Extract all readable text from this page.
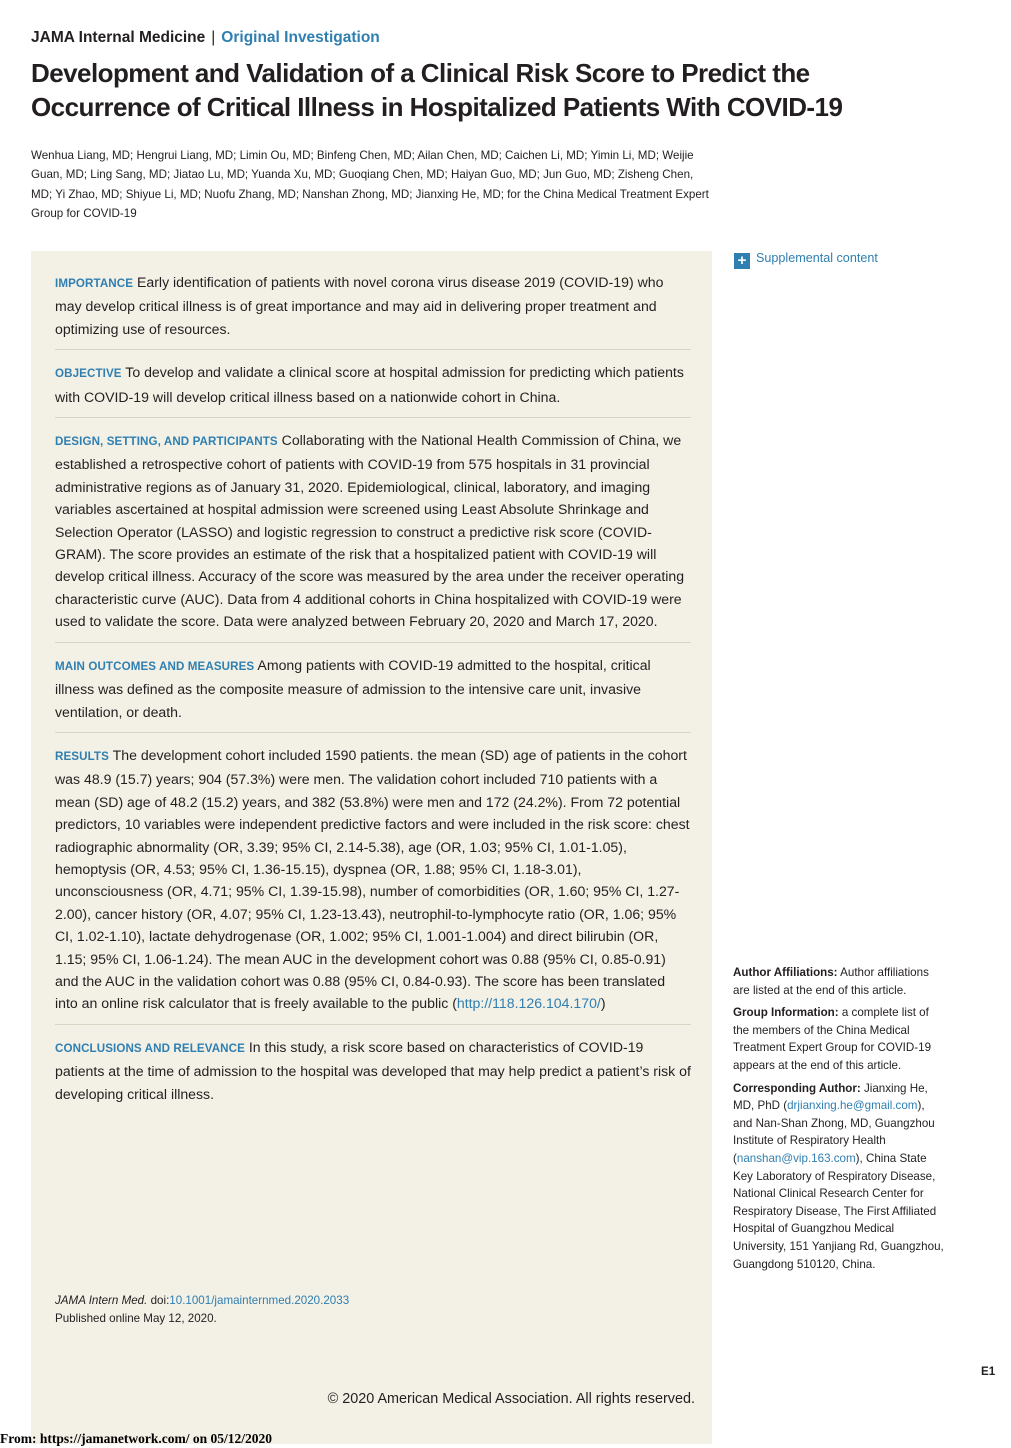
JAMA Internal Medicine | Original Investigation
Development and Validation of a Clinical Risk Score to Predict the Occurrence of Critical Illness in Hospitalized Patients With COVID-19

Wenhua Liang, MD; Hengrui Liang, MD; Limin Ou, MD; Binfeng Chen, MD; Ailan Chen, MD; Caichen Li, MD; Yimin Li, MD; Weijie Guan, MD; Ling Sang, MD; Jiatao Lu, MD; Yuanda Xu, MD; Guoqiang Chen, MD; Haiyan Guo, MD; Jun Guo, MD; Zisheng Chen, MD; Yi Zhao, MD; Shiyue Li, MD; Nuofu Zhang, MD; Nanshan Zhong, MD; Jianxing He, MD; for the China Medical Treatment Expert Group for COVID-19

+ Supplemental content

IMPORTANCE Early identification of patients with novel corona virus disease 2019 (COVID-19) who may develop critical illness is of great importance and may aid in delivering proper treatment and optimizing use of resources.

OBJECTIVE To develop and validate a clinical score at hospital admission for predicting which patients with COVID-19 will develop critical illness based on a nationwide cohort in China.

DESIGN, SETTING, AND PARTICIPANTS Collaborating with the National Health Commission of China, we established a retrospective cohort of patients with COVID-19 from 575 hospitals in 31 provincial administrative regions as of January 31, 2020. Epidemiological, clinical, laboratory, and imaging variables ascertained at hospital admission were screened using Least Absolute Shrinkage and Selection Operator (LASSO) and logistic regression to construct a predictive risk score (COVID-GRAM). The score provides an estimate of the risk that a hospitalized patient with COVID-19 will develop critical illness. Accuracy of the score was measured by the area under the receiver operating characteristic curve (AUC). Data from 4 additional cohorts in China hospitalized with COVID-19 were used to validate the score. Data were analyzed between February 20, 2020 and March 17, 2020.

MAIN OUTCOMES AND MEASURES Among patients with COVID-19 admitted to the hospital, critical illness was defined as the composite measure of admission to the intensive care unit, invasive ventilation, or death.

RESULTS The development cohort included 1590 patients. the mean (SD) age of patients in the cohort was 48.9 (15.7) years; 904 (57.3%) were men. The validation cohort included 710 patients with a mean (SD) age of 48.2 (15.2) years, and 382 (53.8%) were men and 172 (24.2%). From 72 potential predictors, 10 variables were independent predictive factors and were included in the risk score: chest radiographic abnormality (OR, 3.39; 95% CI, 2.14-5.38), age (OR, 1.03; 95% CI, 1.01-1.05), hemoptysis (OR, 4.53; 95% CI, 1.36-15.15), dyspnea (OR, 1.88; 95% CI, 1.18-3.01), unconsciousness (OR, 4.71; 95% CI, 1.39-15.98), number of comorbidities (OR, 1.60; 95% CI, 1.27-2.00), cancer history (OR, 4.07; 95% CI, 1.23-13.43), neutrophil-to-lymphocyte ratio (OR, 1.06; 95% CI, 1.02-1.10), lactate dehydrogenase (OR, 1.002; 95% CI, 1.001-1.004) and direct bilirubin (OR, 1.15; 95% CI, 1.06-1.24). The mean AUC in the development cohort was 0.88 (95% CI, 0.85-0.91) and the AUC in the validation cohort was 0.88 (95% CI, 0.84-0.93). The score has been translated into an online risk calculator that is freely available to the public (http://118.126.104.170/)

CONCLUSIONS AND RELEVANCE In this study, a risk score based on characteristics of COVID-19 patients at the time of admission to the hospital was developed that may help predict a patient’s risk of developing critical illness.

JAMA Intern Med. doi:10.1001/jamainternmed.2020.2033
Published online May 12, 2020.
© 2020 American Medical Association. All rights reserved.

Author Affiliations: Author affiliations are listed at the end of this article.

Group Information: a complete list of the members of the China Medical Treatment Expert Group for COVID-19 appears at the end of this article.

Corresponding Author: Jianxing He, MD, PhD (drjianxing.he@gmail.com), and Nan-Shan Zhong, MD, Guangzhou Institute of Respiratory Health (nanshan@vip.163.com), China State Key Laboratory of Respiratory Disease, National Clinical Research Center for Respiratory Disease, The First Affiliated Hospital of Guangzhou Medical University, 151 Yanjiang Rd, Guangzhou, Guangdong 510120, China.

E1
From: https://jamanetwork.com/ on 05/12/2020
